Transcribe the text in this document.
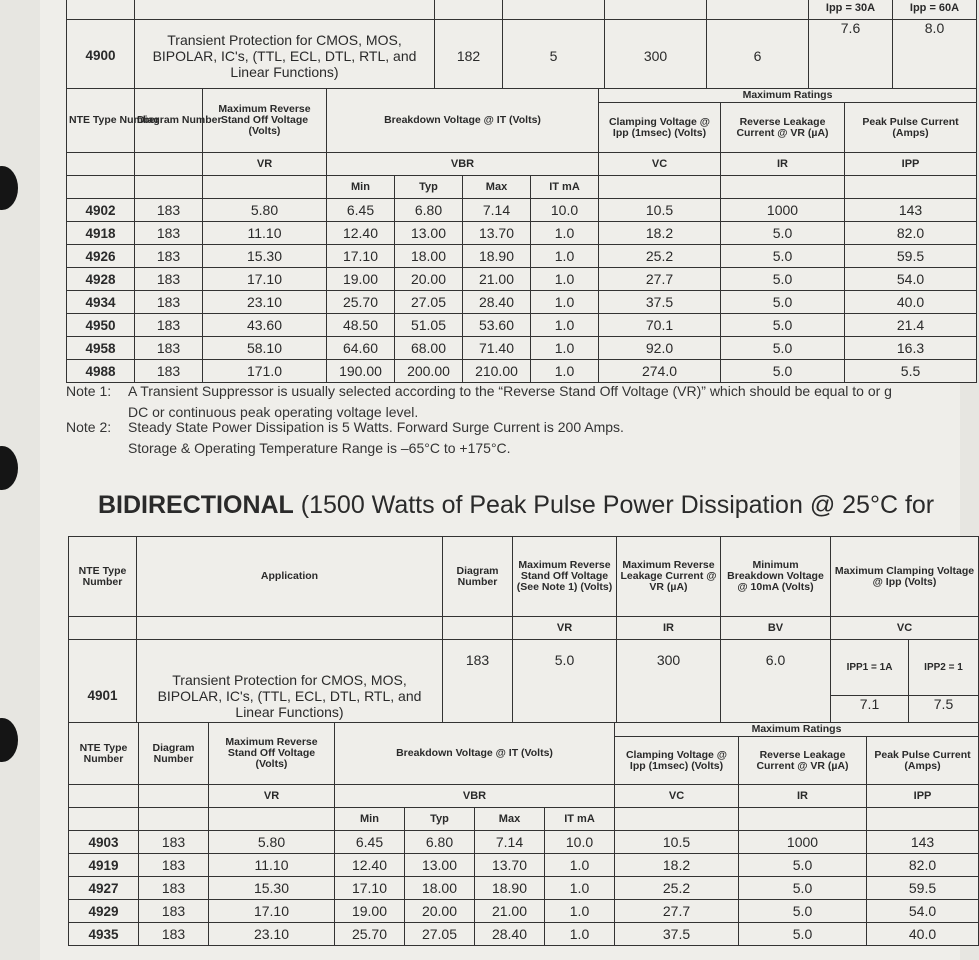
						Ipp = 30A	Ipp = 60A
4900	Transient Protection for CMOS, MOS, BIPOLAR, IC's, (TTL, ECL, DTL, RTL, and Linear Functions)	182	5	300	6	7.6	8.0
NTE Type Number	Diagram Number	Maximum Reverse Stand Off Voltage (Volts)	Breakdown Voltage @ IT (Volts)				Maximum Ratings		
							Clamping Voltage @ Ipp (1msec) (Volts)	Reverse Leakage Current @ VR (µA)	Peak Pulse Current (Amps)
		VR	VBR				VC	IR	IPP
			Min	Typ	Max	IT mA			
4902	183	5.80	6.45	6.80	7.14	10.0	10.5	1000	143
4918	183	11.10	12.40	13.00	13.70	1.0	18.2	5.0	82.0
4926	183	15.30	17.10	18.00	18.90	1.0	25.2	5.0	59.5
4928	183	17.10	19.00	20.00	21.00	1.0	27.7	5.0	54.0
4934	183	23.10	25.70	27.05	28.40	1.0	37.5	5.0	40.0
4950	183	43.60	48.50	51.05	53.60	1.0	70.1	5.0	21.4
4958	183	58.10	64.60	68.00	71.40	1.0	92.0	5.0	16.3
4988	183	171.0	190.00	200.00	210.00	1.0	274.0	5.0	5.5
Note 1: A Transient Suppressor is usually selected according to the “Reverse Stand Off Voltage (VR)” which should be equal to or g
DC or continuous peak operating voltage level.
Note 2: Steady State Power Dissipation is 5 Watts. Forward Surge Current is 200 Amps.
Storage & Operating Temperature Range is –65°C to +175°C.
BIDIRECTIONAL (1500 Watts of Peak Pulse Power Dissipation @ 25°C for
NTE Type Number	Application	Diagram Number	Maximum Reverse Stand Off Voltage (See Note 1) (Volts)	Maximum Reverse Leakage Current @ VR (µA)	Minimum Breakdown Voltage @ 10mA (Volts)	Maximum Clamping Voltage @ Ipp (Volts)	
			VR	IR	BV	VC	
4901	Transient Protection for CMOS, MOS, BIPOLAR, IC's, (TTL, ECL, DTL, RTL, and Linear Functions)	183	5.0	300	6.0	IPP1 = 1A	IPP2 = 1
						7.1	7.5
NTE Type Number	Diagram Number	Maximum Reverse Stand Off Voltage (Volts)	Breakdown Voltage @ IT (Volts)				Maximum Ratings		
							Clamping Voltage @ Ipp (1msec) (Volts)	Reverse Leakage Current @ VR (µA)	Peak Pulse Current (Amps)
		VR	VBR				VC	IR	IPP
			Min	Typ	Max	IT mA			
4903	183	5.80	6.45	6.80	7.14	10.0	10.5	1000	143
4919	183	11.10	12.40	13.00	13.70	1.0	18.2	5.0	82.0
4927	183	15.30	17.10	18.00	18.90	1.0	25.2	5.0	59.5
4929	183	17.10	19.00	20.00	21.00	1.0	27.7	5.0	54.0
4935	183	23.10	25.70	27.05	28.40	1.0	37.5	5.0	40.0
